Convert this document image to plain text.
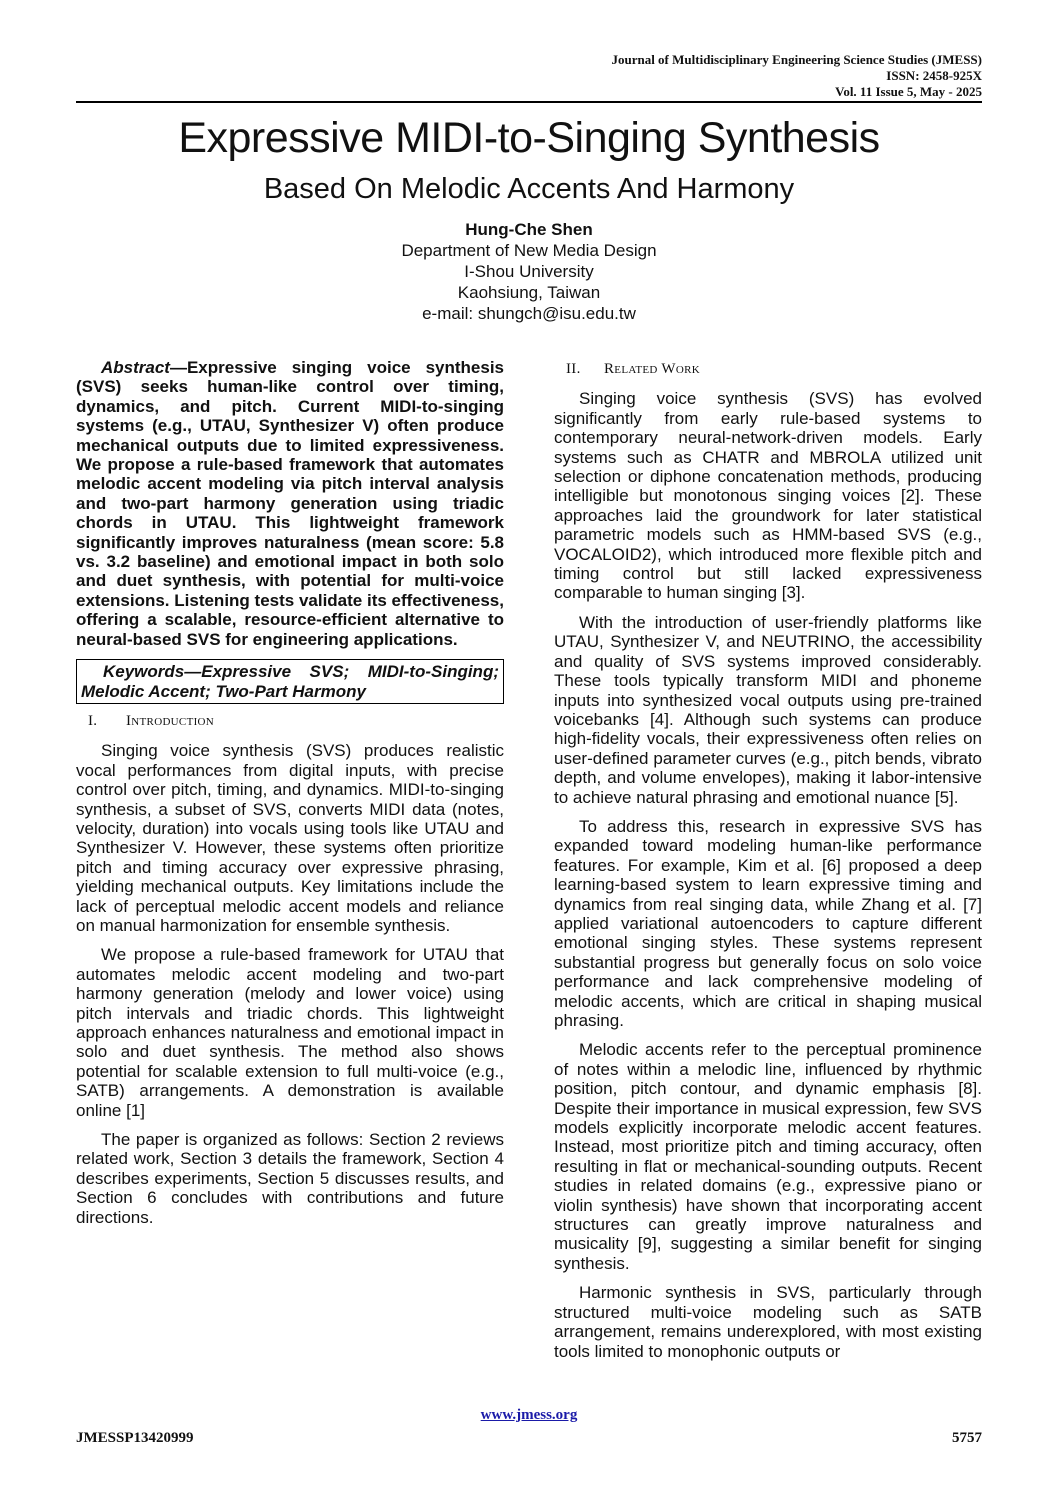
Journal of Multidisciplinary Engineering Science Studies (JMESS)
ISSN: 2458-925X
Vol. 11 Issue 5, May - 2025
Expressive MIDI-to-Singing Synthesis
Based On Melodic Accents And Harmony
Hung-Che Shen
Department of New Media Design
I-Shou University
Kaohsiung, Taiwan
e-mail: shungch@isu.edu.tw

Abstract—Expressive singing voice synthesis (SVS) seeks human-like control over timing, dynamics, and pitch. Current MIDI-to-singing systems (e.g., UTAU, Synthesizer V) often produce mechanical outputs due to limited expressiveness. We propose a rule-based framework that automates melodic accent modeling via pitch interval analysis and two-part harmony generation using triadic chords in UTAU. This lightweight framework significantly improves naturalness (mean score: 5.8 vs. 3.2 baseline) and emotional impact in both solo and duet synthesis, with potential for multi-voice extensions. Listening tests validate its effectiveness, offering a scalable, resource-efficient alternative to neural-based SVS for engineering applications.

Keywords—Expressive SVS; MIDI-to-Singing; Melodic Accent; Two-Part Harmony
I. Introduction

Singing voice synthesis (SVS) produces realistic vocal performances from digital inputs, with precise control over pitch, timing, and dynamics. MIDI-to-singing synthesis, a subset of SVS, converts MIDI data (notes, velocity, duration) into vocals using tools like UTAU and Synthesizer V. However, these systems often prioritize pitch and timing accuracy over expressive phrasing, yielding mechanical outputs. Key limitations include the lack of perceptual melodic accent models and reliance on manual harmonization for ensemble synthesis.

We propose a rule-based framework for UTAU that automates melodic accent modeling and two-part harmony generation (melody and lower voice) using pitch intervals and triadic chords. This lightweight approach enhances naturalness and emotional impact in solo and duet synthesis. The method also shows potential for scalable extension to full multi-voice (e.g., SATB) arrangements. A demonstration is available online [1]

The paper is organized as follows: Section 2 reviews related work, Section 3 details the framework, Section 4 describes experiments, Section 5 discusses results, and Section 6 concludes with contributions and future directions.

II. Related Work

Singing voice synthesis (SVS) has evolved significantly from early rule-based systems to contemporary neural-network-driven models. Early systems such as CHATR and MBROLA utilized unit selection or diphone concatenation methods, producing intelligible but monotonous singing voices [2]. These approaches laid the groundwork for later statistical parametric models such as HMM-based SVS (e.g., VOCALOID2), which introduced more flexible pitch and timing control but still lacked expressiveness comparable to human singing [3].

With the introduction of user-friendly platforms like UTAU, Synthesizer V, and NEUTRINO, the accessibility and quality of SVS systems improved considerably. These tools typically transform MIDI and phoneme inputs into synthesized vocal outputs using pre-trained voicebanks [4]. Although such systems can produce high-fidelity vocals, their expressiveness often relies on user-defined parameter curves (e.g., pitch bends, vibrato depth, and volume envelopes), making it labor-intensive to achieve natural phrasing and emotional nuance [5].

To address this, research in expressive SVS has expanded toward modeling human-like performance features. For example, Kim et al. [6] proposed a deep learning-based system to learn expressive timing and dynamics from real singing data, while Zhang et al. [7] applied variational autoencoders to capture different emotional singing styles. These systems represent substantial progress but generally focus on solo voice performance and lack comprehensive modeling of melodic accents, which are critical in shaping musical phrasing.

Melodic accents refer to the perceptual prominence of notes within a melodic line, influenced by rhythmic position, pitch contour, and dynamic emphasis [8]. Despite their importance in musical expression, few SVS models explicitly incorporate melodic accent features. Instead, most prioritize pitch and timing accuracy, often resulting in flat or mechanical-sounding outputs. Recent studies in related domains (e.g., expressive piano or violin synthesis) have shown that incorporating accent structures can greatly improve naturalness and musicality [9], suggesting a similar benefit for singing synthesis.

Harmonic synthesis in SVS, particularly through structured multi-voice modeling such as SATB arrangement, remains underexplored, with most existing tools limited to monophonic outputs or

www.jmess.org
JMESSP13420999	5757
